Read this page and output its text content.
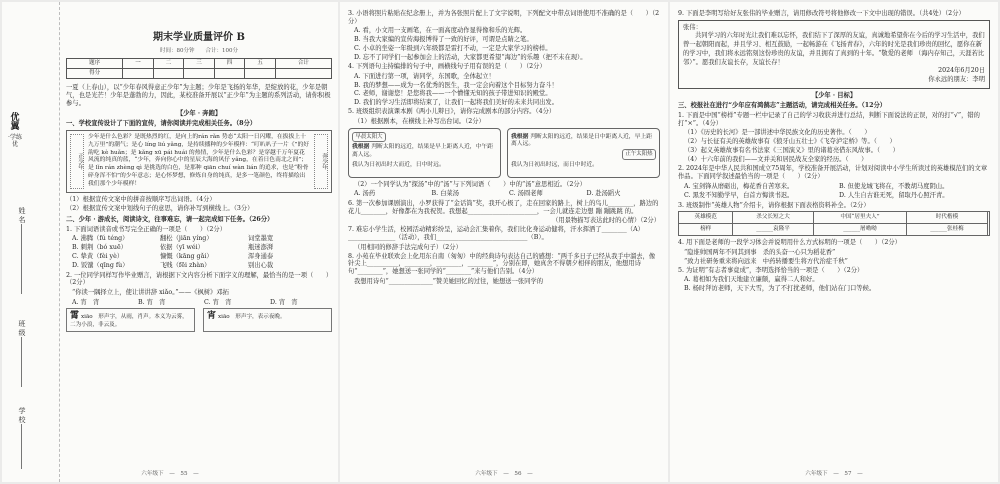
优
翼
·学练优
姓名
班级
学校
期末学业质量评价 B
时间：80分钟　　合计：100分
题序	一	二	三	四	五	合计
得分						
一夏（上春山），以“少年春风得意正少年”为主题；少年是飞扬的年华，是绽放的花，少年是朝气，也是光芒！少年是蓬勃的力，因此，某校准备开展以“正少年”为主题的系列活动，请你积极参与。
【少年 · 奔跑】
一、学校宣传设计了下面的宣传，请你阅读并完成相关任务。（8分）
正少年
少年是什么色彩？是既热烈的红，是向上的rán rǎn 势态“太阳一日闪耀，在拔拔上十九万里”的潮气；是心 líng liú yǎng，是持续播种的少年模样：“叮叭叭子一片《”的好韵吃 kè huǎn；是 kǎng xū pái huái 的热情，少年是什么色彩？是穿越千万年夏花风流的纯真的蓝，“少年，奔向你心中的星辰大海的风仔 yǎng，在着日色南北之间”；是 lǐn rán zhèng qì 是挑选的白色，是那种 qiān chuí wàn lián 的追求，也是“粉骨碎身浑不怕”的少年意志；是心怀梦想，修炼自身的纯真，是多一笔颜色，终将描绘出我们那个少年模样！
奔少年
（1）根据宣传文案中的拼音按顺序写出词语。（4分）
（2）根据宣传文案中划线句子的意思，请你补写到横线上。（3分）
二、少年 · 游成长，阅读诗文，往事难忘，请一起完成如下任务。（26分）
1. 下面词语读音或书写完全正确的一项是（　　）（2分）
A. 沸腾（fú téng）	翻松（jiān yíng）	词堂墨宽
B. 刺荆（bó xuē）	依据（yī wéi）	瓶迷澎湃
C. 挚黄（fèi yè）	慷慨（kāng gǎi）	浑身通泰
D. 饭馕（qīng fù）	飞贱（fēi zhàn）	别出心裁
2. 一位同学同样写作毕业赠言，请根据下文内容分析下面字义的理解，最恰当的是一项（　　）（2分）
“你读一隅择立上，使让讲讲辞 xiǎo。”——《枫树》邓拓
A. 宵　 宵	B. 宵　 宵	C. 宵　 宵	D. 宵　 宵
霄xiāo　形声字，从雨，肖声。本义为云雾，二为小浪，非云及。
宵xiāo　形声字，表示夜晚。
六年级下　—　55　—
3. 小语将照片粘贴在纪念册上，并为各张照片配上了文字说明，下列配文中带点词语使用不准确的是（　　）（2分）
A. 看，小文用一支画笔，在一面高度动作显得像和乐的光辉。
B. 当我大家编的宣传海报博得了一致的好评，可谓是点睛之笔。
C. 小卓的坐姿一年级到六年级都是雷打不动，一定是大家学习的榜样。
D. 忘不了同学们一起参加会上的活动，大家都更希望“海边”的乐趣（把不末在现）。
4. 下列语句主持编排的句子中，画横线句子用有误的是（　　）（2分）
A. 下面进行第一项，请同学，东国歌，全体起立！
B. 我的梦想——成为一名优秀的医生，我一定会向着这个目标努力奋斗！
C. 老师，谢谢您！是您将我——一个懵懂无知的孩子带进知识的殿堂。
D. 我们的学习生活即将结束了，让我们一起将我们美好的未来共同出发。
5. 班级组织表演课本剧《两小儿辩日》，请你完成剧本的部分内容。（4分）
（1）根据剧本，在横线上补写出台词。（2分）
早晨太阳大
我根据 判断太阳的远近，结果是早上距离人近，中午距离人远。
我认为日初出时大而近，日中时远。
我根据 判断太阳的远近，结果是日中距离人近，早上距离人远。
正午太阳热
我认为日初出时远，而日中时近。
（2）一个同学认为“探汤”中的“汤”与下列词语（　　）中的“汤”意思相近。（2分）
A. 汤药	B. 白菜汤	C. 汤圆老师	D. 赴汤蹈火
6. 第一次参加课剧演出，小罗获得了“金话筒”奖，我开心极了，走在回家的路上，树上的鸟儿________，路边的花儿________，好像都在为我祝贺。我想起______________________，一会儿就连走边想 蹦 蹦跳跳 的。
（用景物描写表达此时的心情）（2分）
7. 难忘小学生活，校园活动精彩纷呈，运动会汇集着你，我们比化身运动健将，汗水挥洒了________（A）_______________（活动），我们_____________________________（B）。
（用相同的修辞手法完成句子）（2分）
8. 小苑在毕业联欢会上化用东自南（匆匆）中的经典诗句表达自己的感想：“两千多日子已经从我手中溜去，像针尖上__________，________，________，________”，分别在即，她真舍不得朝夕相伴的朋友，他想用诗句“________”，她想送一张同学的“________”来与他们告别。（4分）
我想用诗句“______________”赞美她回忆的过往，她想送一张同学的
六年级下　—　56　—
9. 下面是李明写给好友张伟的毕业赠言，请用修改符号将他修改一下文中出现的错误。（共4处）（2分）
张伟：
共同学习的六年时光让我们难以忘怀，我们结下了深厚的友谊，真诚地希望你在今后的学习生活中，我们曾一起朝阳而起，并且学习、相互鼓励，一起畅游在《飞扬青春》，六年的时光是我们珍贵的回忆，愿你在新的学习中，我们将永远铭刻这份珍贵的友谊，并且拥有了真到的十年。“敬爱的老师 （海内存知己，天涯若比邻）”。愿我们友谊长存，友谊长存！
2024年6月20日
你永远的朋友：李明
【少年 · 目标】
三、校报社在进行“少年应有鸿鹄志”主题活动，请完成相关任务。（12分）
1. 下面是中国“榜样”专题一栏中记录了自己的学习收获并进行总结，判断下面说法的正误，对的打“√”，错的打“×”。（4分）
（1）《历史的长河》是一部讲述中华民族文化的历史著作。（　　）
（2）与长征有关的英雄故事有《狼牙山五壮士》《飞夺泸定桥》等。（　　）
（3）起义英雄故事有名书法家《三国演义》里的诸葛亮借东风故事。（　　）
（4）十六年前的我们——文并关和居民战友全家的经历。（　　）
2. 2024年是中华人民共和国成立75周年，学校准备开展活动，计划对阅读中小学生所读过的英雄模范们的文章作品。下面同学叙述最恰当的一项是（　　）（2分）
A. 宝剑锋从磨砺出，梅花香自苦寒来。	B. 但使龙城飞将在，不教胡马度阴山。
C. 黑发不知勤学早，白首方悔读书迟。	D. 人生自古谁无死，留取丹心照汗青。
3. 班级制作“英雄人物”介绍卡，请你根据下面表格资料补全。（2分）
英雄模范	杀父长短之大	中国“居里夫人”	时代楷模	
榜样	______袁隆平	______屠呦呦	______张桂梅	
4. 用下面是老师的一段学习体会并说明用什么方式标明的一项是（　　）（2分）
“隐谁帅国两年不同其到事　杀的头奋一心只为稻花香”
“致力社研务重来将向远来　中药转播要生将方代治症千秋”
5. 为证明“有志者事竟成”，李明选择恰当的一项是（　　）（2分）
A. 葛相如为我们天地建立廉颇，赢得二人和好。
B. 杨时拜访老师，天下大雪，为了不打扰老师，他们站在门口等候。
六年级下　—　57　—
